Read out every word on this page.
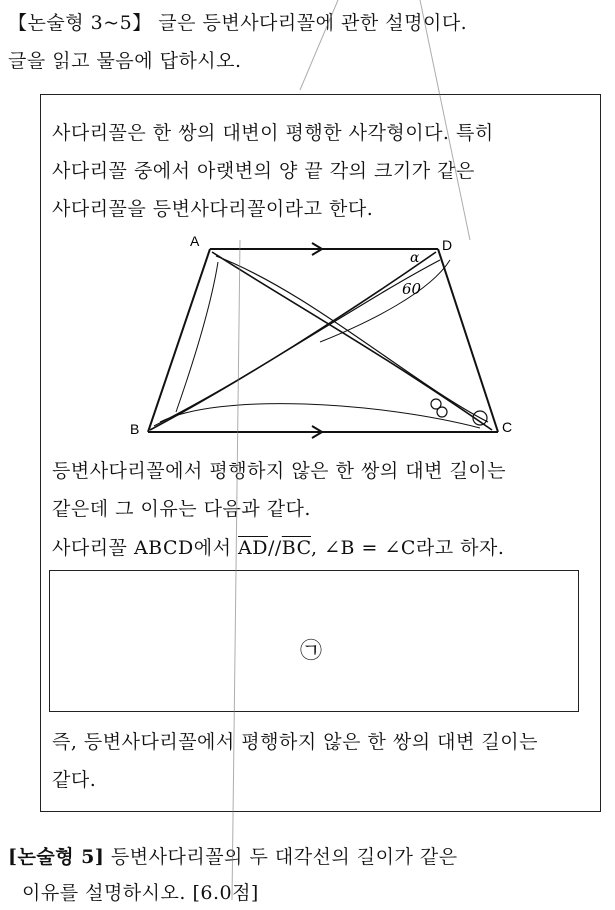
【논술형 3~5】 글은 등변사다리꼴에 관한 설명이다.
글을 읽고 물음에 답하시오.
사다리꼴은 한 쌍의 대변이 평행한 사각형이다. 특히
사다리꼴 중에서 아랫변의 양 끝 각의 크기가 같은
사다리꼴을 등변사다리꼴이라고 한다.
A	D
B	C
α
60
등변사다리꼴에서 평행하지 않은 한 쌍의 대변 길이는
같은데 그 이유는 다음과 같다.
사다리꼴 ABCD에서 $\overline{AD}//\overline{BC}$, ∠B = ∠C라고 하자.
㉠
즉, 등변사다리꼴에서 평행하지 않은 한 쌍의 대변 길이는
같다.
[논술형 5] 등변사다리꼴의 두 대각선의 길이가 같은
이유를 설명하시오. [6.0점]
